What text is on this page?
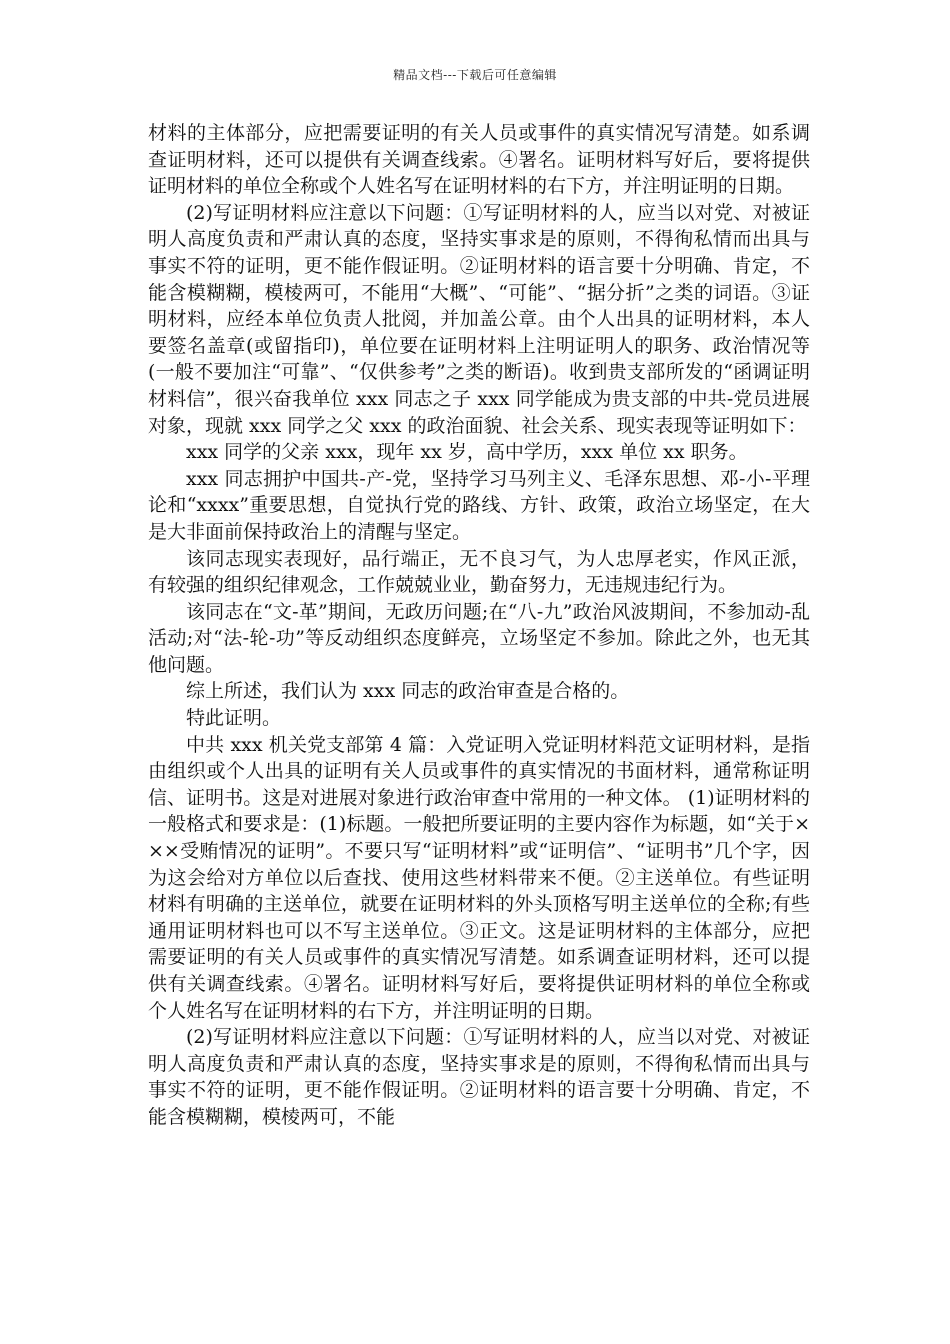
精品文档---下载后可任意编辑

材料的主体部分，应把需要证明的有关人员或事件的真实情况写清楚。如系调查证明材料，还可以提供有关调查线索。④署名。证明材料写好后，要将提供证明材料的单位全称或个人姓名写在证明材料的右下方，并注明证明的日期。

(2)写证明材料应注意以下问题：①写证明材料的人，应当以对党、对被证明人高度负责和严肃认真的态度，坚持实事求是的原则，不得徇私情而出具与事实不符的证明，更不能作假证明。②证明材料的语言要十分明确、肯定，不能含模糊糊，模棱两可，不能用“大概”、“可能”、“据分折”之类的词语。③证明材料，应经本单位负责人批阅，并加盖公章。由个人出具的证明材料，本人要签名盖章(或留指印)，单位要在证明材料上注明证明人的职务、政治情况等(一般不要加注“可靠”、“仅供参考”之类的断语)。收到贵支部所发的“函调证明材料信”，很兴奋我单位 xxx 同志之子 xxx 同学能成为贵支部的中共-党员进展对象，现就 xxx 同学之父 xxx 的政治面貌、社会关系、现实表现等证明如下：

xxx 同学的父亲 xxx，现年 xx 岁，高中学历，xxx 单位 xx 职务。

xxx 同志拥护中国共-产-党，坚持学习马列主义、毛泽东思想、邓-小-平理论和“xxxx”重要思想，自觉执行党的路线、方针、政策，政治立场坚定，在大是大非面前保持政治上的清醒与坚定。

该同志现实表现好，品行端正，无不良习气，为人忠厚老实，作风正派，有较强的组织纪律观念，工作兢兢业业，勤奋努力，无违规违纪行为。

该同志在“文-革”期间，无政历问题;在“八-九”政治风波期间，不参加动-乱活动;对“法-轮-功”等反动组织态度鲜亮，立场坚定不参加。除此之外，也无其他问题。

综上所述，我们认为 xxx 同志的政治审查是合格的。

特此证明。

中共 xxx 机关党支部第 4 篇：入党证明入党证明材料范文证明材料，是指由组织或个人出具的证明有关人员或事件的真实情况的书面材料，通常称证明信、证明书。这是对进展对象进行政治审查中常用的一种文体。 (1)证明材料的一般格式和要求是：(1)标题。一般把所要证明的主要内容作为标题，如“关于×××受贿情况的证明”。不要只写“证明材料”或“证明信”、“证明书”几个字，因为这会给对方单位以后查找、使用这些材料带来不便。②主送单位。有些证明材料有明确的主送单位，就要在证明材料的外头顶格写明主送单位的全称;有些通用证明材料也可以不写主送单位。③正文。这是证明材料的主体部分，应把需要证明的有关人员或事件的真实情况写清楚。如系调查证明材料，还可以提供有关调查线索。④署名。证明材料写好后，要将提供证明材料的单位全称或个人姓名写在证明材料的右下方，并注明证明的日期。

(2)写证明材料应注意以下问题：①写证明材料的人，应当以对党、对被证明人高度负责和严肃认真的态度，坚持实事求是的原则，不得徇私情而出具与事实不符的证明，更不能作假证明。②证明材料的语言要十分明确、肯定，不能含模糊糊，模棱两可，不能
